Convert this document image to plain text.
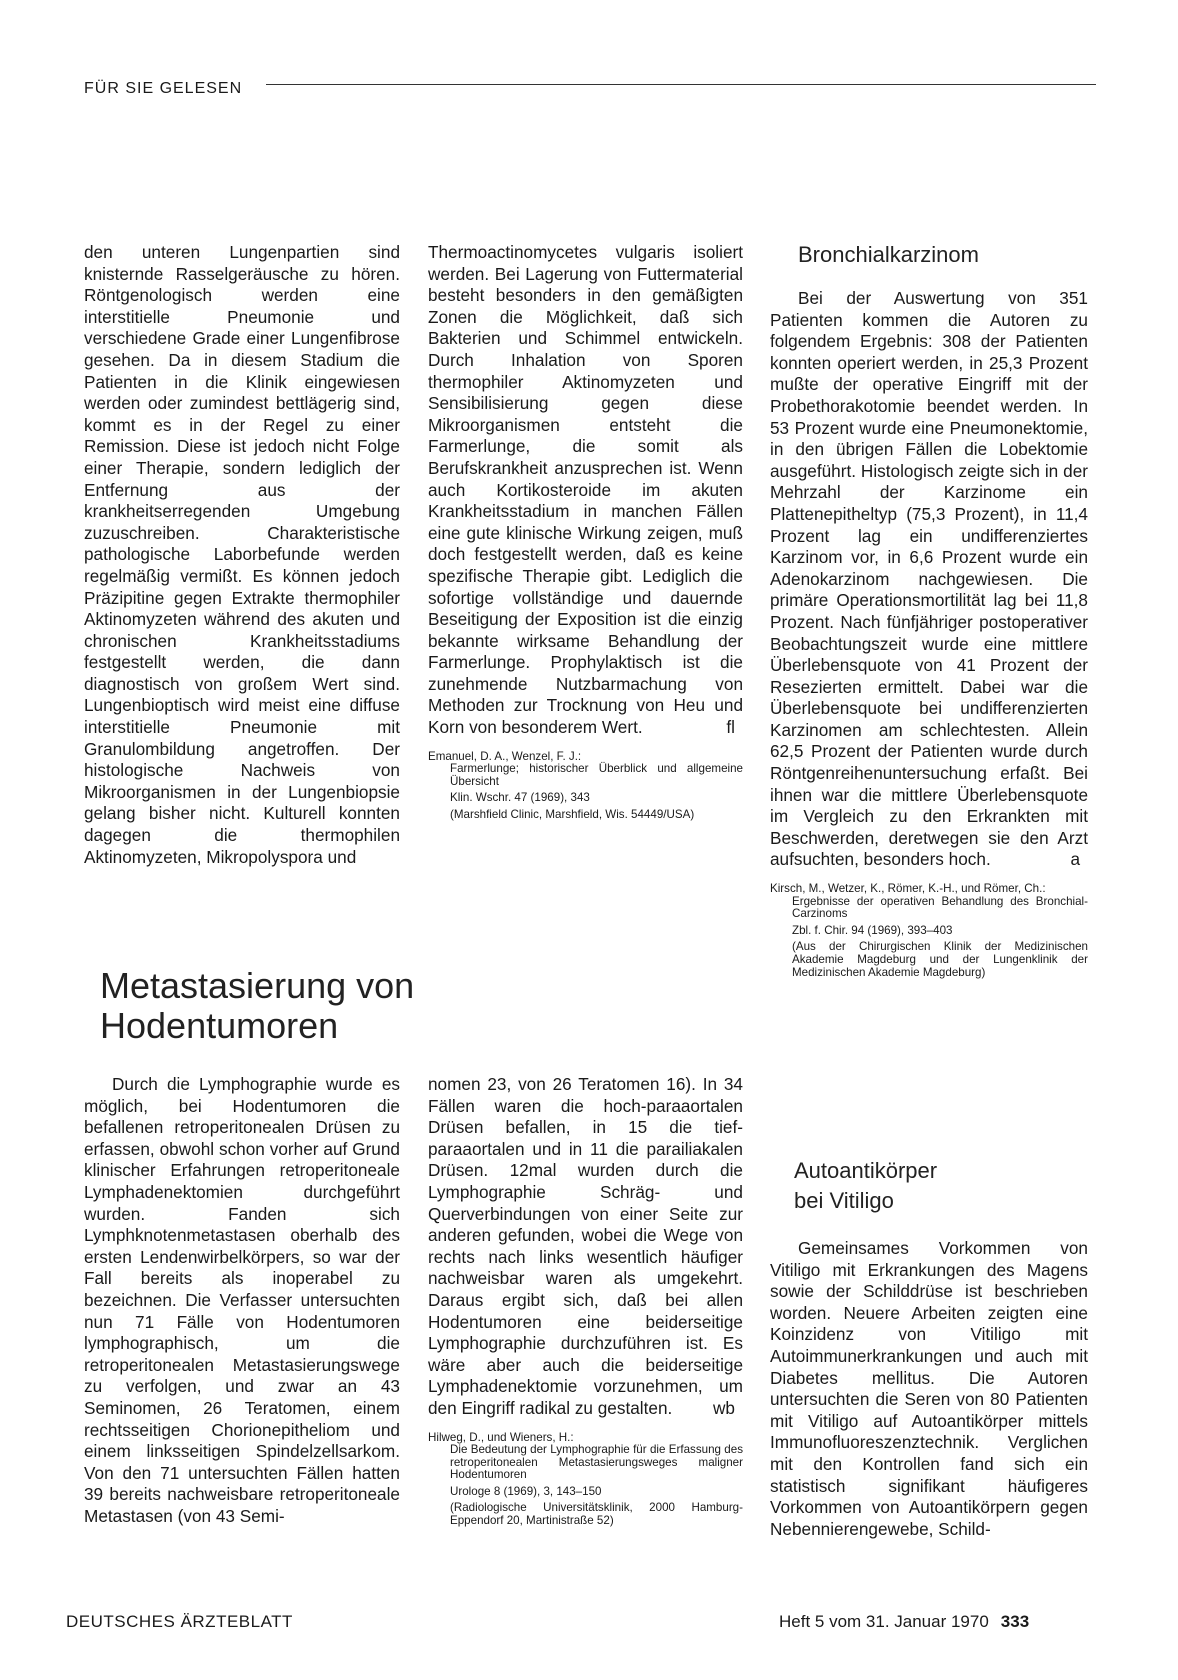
FÜR SIE GELESEN

den unteren Lungenpartien sind knisternde Rasselgeräusche zu hören. Röntgenologisch werden eine interstitielle Pneumonie und verschiedene Grade einer Lungenfibrose gesehen. Da in diesem Stadium die Patienten in die Klinik eingewiesen werden oder zumindest bettlägerig sind, kommt es in der Regel zu einer Remission. Diese ist jedoch nicht Folge einer Therapie, sondern lediglich der Entfernung aus der krankheitserregenden Umgebung zuzuschreiben. Charakteristische pathologische Laborbefunde werden regelmäßig vermißt. Es können jedoch Präzipitine gegen Extrakte thermophiler Aktinomyzeten während des akuten und chronischen Krankheitsstadiums festgestellt werden, die dann diagnostisch von großem Wert sind. Lungenbioptisch wird meist eine diffuse interstitielle Pneumonie mit Granulombildung angetroffen. Der histologische Nachweis von Mikroorganismen in der Lungenbiopsie gelang bisher nicht. Kulturell konnten dagegen die thermophilen Aktinomyzeten, Mikropolyspora und

Thermoactinomycetes vulgaris isoliert werden. Bei Lagerung von Futtermaterial besteht besonders in den gemäßigten Zonen die Möglichkeit, daß sich Bakterien und Schimmel entwickeln. Durch Inhalation von Sporen thermophiler Aktinomyzeten und Sensibilisierung gegen diese Mikroorganismen entsteht die Farmerlunge, die somit als Berufskrankheit anzusprechen ist. Wenn auch Kortikosteroide im akuten Krankheitsstadium in manchen Fällen eine gute klinische Wirkung zeigen, muß doch festgestellt werden, daß es keine spezifische Therapie gibt. Lediglich die sofortige vollständige und dauernde Beseitigung der Exposition ist die einzig bekannte wirksame Behandlung der Farmerlunge. Prophylaktisch ist die zunehmende Nutzbarmachung von Methoden zur Trocknung von Heu und Korn von besonderem Wert.	fl

Emanuel, D. A., Wenzel, F. J.:

Farmerlunge; historischer Überblick und allgemeine Übersicht

Klin. Wschr. 47 (1969), 343

(Marshfield Clinic, Marshfield, Wis. 54449/USA)

Metastasierung von
Hodentumoren

Durch die Lymphographie wurde es möglich, bei Hodentumoren die befallenen retroperitonealen Drüsen zu erfassen, obwohl schon vorher auf Grund klinischer Erfahrungen retroperitoneale Lymphadenektomien durchgeführt wurden. Fanden sich Lymphknotenmetastasen oberhalb des ersten Lendenwirbelkörpers, so war der Fall bereits als inoperabel zu bezeichnen. Die Verfasser untersuchten nun 71 Fälle von Hodentumoren lymphographisch, um die retroperitonealen Metastasierungswege zu verfolgen, und zwar an 43 Seminomen, 26 Teratomen, einem rechtsseitigen Chorionepitheliom und einem linksseitigen Spindelzellsarkom. Von den 71 untersuchten Fällen hatten 39 bereits nachweisbare retroperitoneale Metastasen (von 43 Semi-

nomen 23, von 26 Teratomen 16). In 34 Fällen waren die hoch-paraaortalen Drüsen befallen, in 15 die tief-paraaortalen und in 11 die parailiakalen Drüsen. 12mal wurden durch die Lymphographie Schräg- und Querverbindungen von einer Seite zur anderen gefunden, wobei die Wege von rechts nach links wesentlich häufiger nachweisbar waren als umgekehrt. Daraus ergibt sich, daß bei allen Hodentumoren eine beiderseitige Lymphographie durchzuführen ist. Es wäre aber auch die beiderseitige Lymphadenektomie vorzunehmen, um den Eingriff radikal zu gestalten. wb

Hilweg, D., und Wieners, H.:

Die Bedeutung der Lymphographie für die Erfassung des retroperitonealen Metastasierungsweges maligner Hodentumoren

Urologe 8 (1969), 3, 143–150

(Radiologische Universitätsklinik, 2000 Hamburg-Eppendorf 20, Martinistraße 52)

Bronchialkarzinom

Bei der Auswertung von 351 Patienten kommen die Autoren zu folgendem Ergebnis: 308 der Patienten konnten operiert werden, in 25,3 Prozent mußte der operative Eingriff mit der Probethorakotomie beendet werden. In 53 Prozent wurde eine Pneumonektomie, in den übrigen Fällen die Lobektomie ausgeführt. Histologisch zeigte sich in der Mehrzahl der Karzinome ein Plattenepitheltyp (75,3 Prozent), in 11,4 Prozent lag ein undifferenziertes Karzinom vor, in 6,6 Prozent wurde ein Adenokarzinom nachgewiesen. Die primäre Operationsmortilität lag bei 11,8 Prozent. Nach fünfjähriger postoperativer Beobachtungszeit wurde eine mittlere Überlebensquote von 41 Prozent der Resezierten ermittelt. Dabei war die Überlebensquote bei undifferenzierten Karzinomen am schlechtesten. Allein 62,5 Prozent der Patienten wurde durch Röntgenreihenuntersuchung erfaßt. Bei ihnen war die mittlere Überlebensquote im Vergleich zu den Erkrankten mit Beschwerden, deretwegen sie den Arzt aufsuchten, besonders hoch.	a

Kirsch, M., Wetzer, K., Römer, K.-H., und Römer, Ch.:

Ergebnisse der operativen Behandlung des Bronchial-Carzinoms

Zbl. f. Chir. 94 (1969), 393–403

(Aus der Chirurgischen Klinik der Medizinischen Akademie Magdeburg und der Lungenklinik der Medizinischen Akademie Magdeburg)

Autoantikörper
bei Vitiligo

Gemeinsames Vorkommen von Vitiligo mit Erkrankungen des Magens sowie der Schilddrüse ist beschrieben worden. Neuere Arbeiten zeigten eine Koinzidenz von Vitiligo mit Autoimmunerkrankungen und auch mit Diabetes mellitus. Die Autoren untersuchten die Seren von 80 Patienten mit Vitiligo auf Autoantikörper mittels Immunofluoreszenztechnik. Verglichen mit den Kontrollen fand sich ein statistisch signifikant häufigeres Vorkommen von Autoantikörpern gegen Nebennierengewebe, Schild-

DEUTSCHES ÄRZTEBLATT	Heft 5 vom 31. Januar 1970 333
